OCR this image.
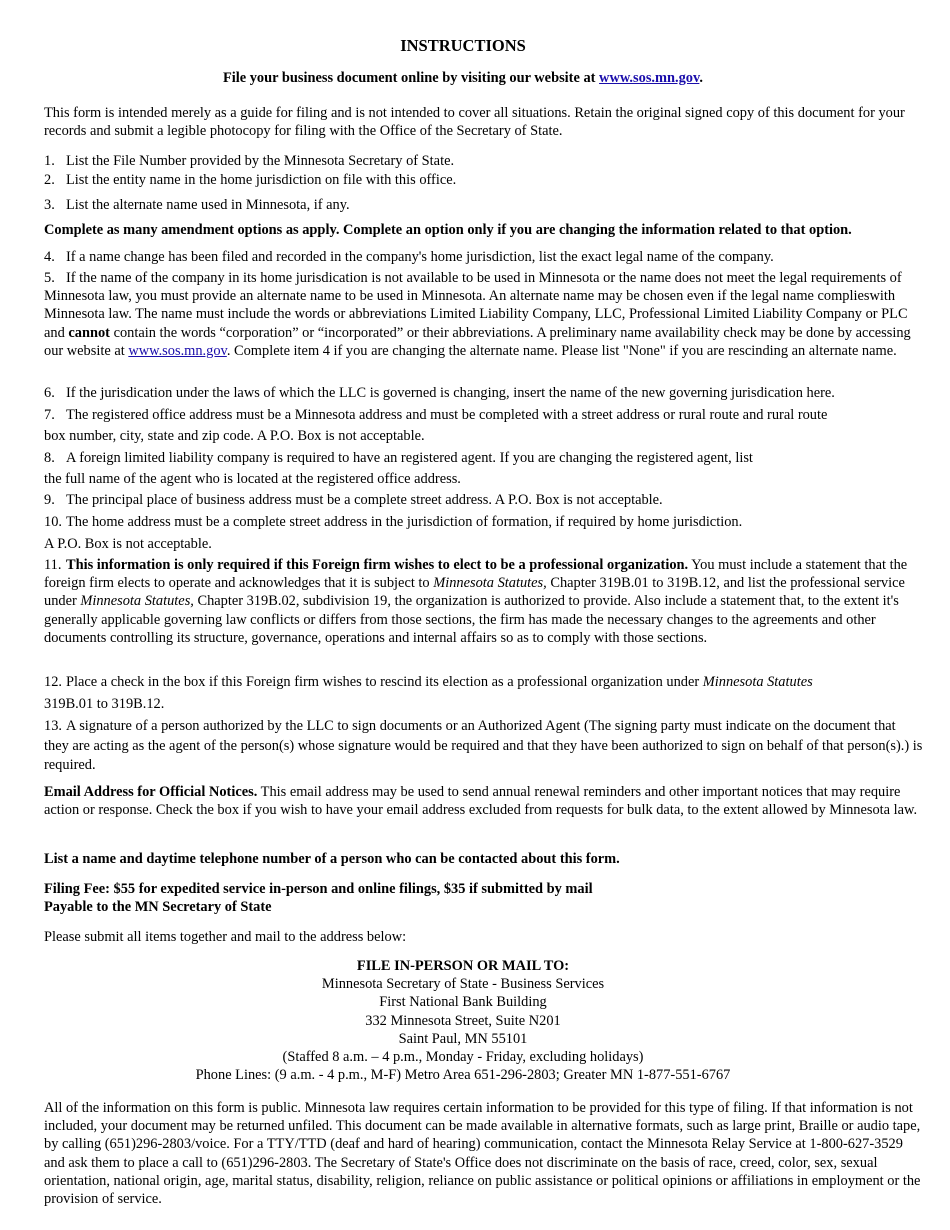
INSTRUCTIONS
File your business document online by visiting our website at www.sos.mn.gov.
This form is intended merely as a guide for filing and is not intended to cover all situations. Retain the original signed copy of this document for your records and submit a legible photocopy for filing with the Office of the Secretary of State.
1. List the File Number provided by the Minnesota Secretary of State.
2. List the entity name in the home jurisdiction on file with this office.
3. List the alternate name used in Minnesota, if any.
Complete as many amendment options as apply. Complete an option only if you are changing the information related to that option.
4. If a name change has been filed and recorded in the company's home jurisdiction, list the exact legal name of the company.
5. If the name of the company in its home jurisdication is not available to be used in Minnesota or the name does not meet the legal requirements of Minnesota law, you must provide an alternate name to be used in Minnesota. An alternate name may be chosen even if the legal name complieswith Minnesota law. The name must include the words or abbreviations Limited Liability Company, LLC, Professional Limited Liability Company or PLC and cannot contain the words “corporation” or “incorporated” or their abbreviations. A preliminary name availability check may be done by accessing our website at www.sos.mn.gov. Complete item 4 if you are changing the alternate name. Please list "None" if you are rescinding an alternate name.
6. If the jurisdication under the laws of which the LLC is governed is changing, insert the name of the new governing jurisdication here.
7. The registered office address must be a Minnesota address and must be completed with a street address or rural route and rural route
box number, city, state and zip code. A P.O. Box is not acceptable.
8. A foreign limited liability company is required to have an registered agent. If you are changing the registered agent, list
the full name of the agent who is located at the registered office address.
9. The principal place of business address must be a complete street address. A P.O. Box is not acceptable.
10. The home address must be a complete street address in the jurisdiction of formation, if required by home jurisdiction.
A P.O. Box is not acceptable.
11. This information is only required if this Foreign firm wishes to elect to be a professional organization. You must include a statement that the foreign firm elects to operate and acknowledges that it is subject to Minnesota Statutes, Chapter 319B.01 to 319B.12, and list the professional service under Minnesota Statutes, Chapter 319B.02, subdivision 19, the organization is authorized to provide. Also include a statement that, to the extent it's generally applicable governing law conflicts or differs from those sections, the firm has made the necessary changes to the agreements and other documents controlling its structure, governance, operations and internal affairs so as to comply with those sections.
12. Place a check in the box if this Foreign firm wishes to rescind its election as a professional organization under Minnesota Statutes
319B.01 to 319B.12.
13. A signature of a person authorized by the LLC to sign documents or an Authorized Agent (The signing party must indicate on the document that they are acting as the agent of the person(s) whose signature would be required and that they have been authorized to sign on behalf of that person(s).) is required.
Email Address for Official Notices. This email address may be used to send annual renewal reminders and other important notices that may require action or response. Check the box if you wish to have your email address excluded from requests for bulk data, to the extent allowed by Minnesota law.
List a name and daytime telephone number of a person who can be contacted about this form.
Filing Fee: $55 for expedited service in-person and online filings, $35 if submitted by mail
Payable to the MN Secretary of State
Please submit all items together and mail to the address below:
FILE IN-PERSON OR MAIL TO:
Minnesota Secretary of State - Business Services
First National Bank Building
332 Minnesota Street, Suite N201
Saint Paul, MN 55101
(Staffed 8 a.m. – 4 p.m., Monday - Friday, excluding holidays)
Phone Lines: (9 a.m. - 4 p.m., M-F) Metro Area 651-296-2803; Greater MN 1-877-551-6767
All of the information on this form is public. Minnesota law requires certain information to be provided for this type of filing. If that information is not included, your document may be returned unfiled. This document can be made available in alternative formats, such as large print, Braille or audio tape, by calling (651)296-2803/voice. For a TTY/TTD (deaf and hard of hearing) communication, contact the Minnesota Relay Service at 1-800-627-3529 and ask them to place a call to (651)296-2803. The Secretary of State's Office does not discriminate on the basis of race, creed, color, sex, sexual orientation, national origin, age, marital status, disability, religion, reliance on public assistance or political opinions or affiliations in employment or the provision of service.
